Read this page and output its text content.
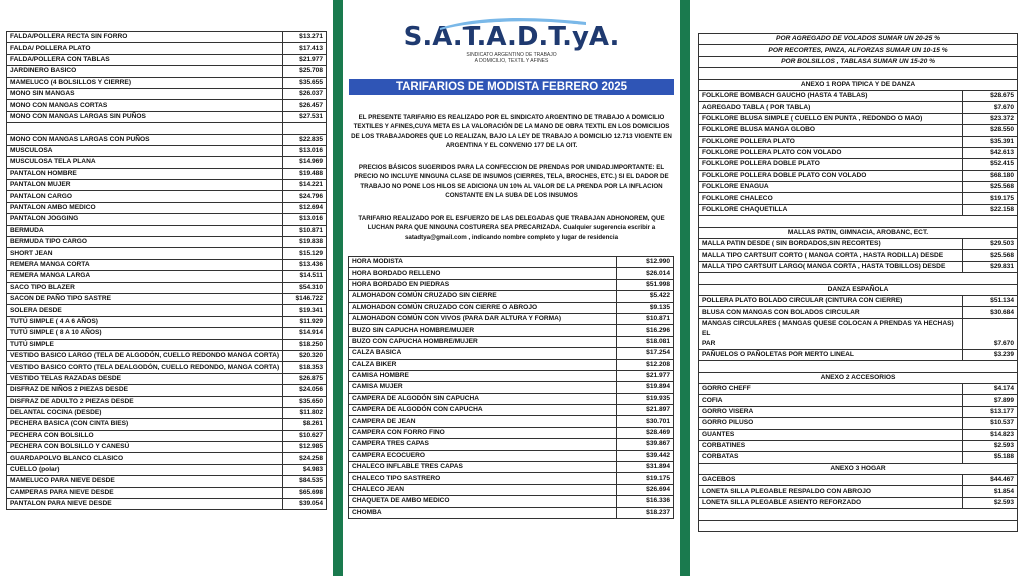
FALDA/POLLERA RECTA SIN FORRO	$13.271
FALDA/ POLLERA PLATO	$17.413
FALDA/POLLERA CON TABLAS	$21.977
JARDINERO BASICO	$25.708
MAMELUCO (4 BOLSILLOS Y CIERRE)	$35.655
MONO SIN MANGAS	$26.037
MONO CON MANGAS CORTAS	$26.457
MONO CON MANGAS LARGAS SIN PUÑOS	$27.531

MONO CON MANGAS LARGAS CON PUÑOS	$22.835
MUSCULOSA	$13.016
MUSCULOSA TELA PLANA	$14.969
PANTALON HOMBRE	$19.488
PANTALON MUJER	$14.221
PANTALON CARGO	$24.796
PANTALON AMBO MEDICO	$12.694
PANTALON JOGGING	$13.016
BERMUDA	$10.871
BERMUDA TIPO CARGO	$19.838
SHORT JEAN	$15.129
REMERA MANGA CORTA	$13.436
REMERA MANGA LARGA	$14.511
SACO TIPO BLAZER	$54.310
SACON DE PAÑO TIPO SASTRE	$146.722
SOLERA DESDE	$19.341
TUTÚ SIMPLE ( 4 A 6 AÑOS)	$11.929
TUTÚ SIMPLE ( 8 A 10 AÑOS)	$14.914
TUTÚ SIMPLE	$18.250
VESTIDO BASICO LARGO (TELA DE ALGODÓN, CUELLO REDONDO MANGA CORTA)	$20.320
VESTIDO BASICO CORTO (TELA DEALGODÓN, CUELLO REDONDO, MANGA CORTA)	$18.353
VESTIDO TELAS RAZADAS DESDE	$26.875
DISFRAZ DE NIÑOS 2 PIEZAS DESDE	$24.056
DISFRAZ DE ADULTO 2 PIEZAS DESDE	$35.650
DELANTAL COCINA (DESDE)	$11.802
PECHERA BASICA (CON CINTA BIES)	$8.261
PECHERA CON BOLSILLO	$10.627
PECHERA CON BOLSILLO Y CANESÚ	$12.985
GUARDAPOLVO BLANCO CLASICO	$24.258
CUELLO (polar)	$4.983
MAMELUCO PARA NIEVE DESDE	$84.535
CAMPERAS PARA NIEVE DESDE	$65.698
PANTALON PARA NIEVE DESDE	$39.054
S.A.T.A.D.T.yA.
SINDICATO ARGENTINO DE TRABAJO
A DOMICILIO, TEXTIL Y AFINES
TARIFARIOS DE MODISTA FEBRERO 2025
EL PRESENTE TARIFARIO ES REALIZADO POR EL SINDICATO ARGENTINO DE TRABAJO A DOMICILIO TEXTILES Y AFINES,CUYA META ES LA VALORACIÓN DE LA MANO DE OBRA TEXTIL EN LOS DOMICILIOS DE LOS TRABAJADORES QUE LO REALIZAN, BAJO LA LEY DE TRABAJO A DOMICILIO 12.713 VIGENTE EN ARGENTINA Y EL CONVENIO 177 DE LA OIT.
PRECIOS BÁSICOS SUGERIDOS PARA LA CONFECCION DE PRENDAS POR UNIDAD.IMPORTANTE: EL PRECIO NO INCLUYE NINGUNA CLASE DE INSUMOS (CIERRES, TELA, BROCHES, ETC.) SI EL DADOR DE TRABAJO NO PONE LOS HILOS SE ADICIONA UN 10% AL VALOR DE LA PRENDA POR LA INFLACION CONSTANTE EN LA SUBA DE LOS INSUMOS
TARIFARIO REALIZADO POR EL ESFUERZO DE LAS DELEGADAS QUE TRABAJAN ADHONOREM, QUE LUCHAN PARA QUE NINGUNA COSTURERA SEA PRECARIZADA. Cualquier sugerencia escribir a satadtya@gmail.com , indicando nombre completo y lugar de residencia
HORA MODISTA	$12.990
HORA BORDADO RELLENO	$26.014
HORA BORDADO EN PIEDRAS	$51.998
ALMOHADON COMÚN CRUZADO SIN CIERRE	$5.422
ALMOHADON COMÚN CRUZADO CON CIERRE O ABROJO	$9.135
ALMOHADON COMÚN CON VIVOS (PARA DAR ALTURA Y FORMA)	$10.871
BUZO SIN CAPUCHA HOMBRE/MUJER	$16.296
BUZO CON CAPUCHA HOMBRE/MUJER	$18.081
CALZA BASICA	$17.254
CALZA BIKER	$12.208
CAMISA HOMBRE	$21.977
CAMISA MUJER	$19.894
CAMPERA DE ALGODÓN SIN CAPUCHA	$19.935
CAMPERA DE ALGODÓN CON CAPUCHA	$21.897
CAMPERA DE JEAN	$30.701
CAMPERA CON FORRO FINO	$28.469
CAMPERA TRES CAPAS	$39.867
CAMPERA ECOCUERO	$39.442
CHALECO INFLABLE TRES CAPAS	$31.894
CHALECO TIPO SASTRERO	$19.175
CHALECO JEAN	$26.694
CHAQUETA DE AMBO MEDICO	$16.336
CHOMBA	$18.237
POR AGREGADO DE VOLADOS SUMAR UN 20-25 %	
POR RECORTES, PINZA, ALFORZAS SUMAR UN 10-15 %	
POR BOLSILLOS , TABLASA SUMAR UN 15-20 %	

ANEXO 1 ROPA TIPICA Y DE DANZA	
FOLKLORE BOMBACH GAUCHO (HASTA 4 TABLAS)	$28.675
AGREGADO TABLA ( POR TABLA)	$7.670
FOLKLORE BLUSA SIMPLE ( CUELLO EN PUNTA , REDONDO O MAO)	$23.372
FOLKLORE BLUSA MANGA GLOBO	$28.550
FOLKLORE POLLERA PLATO	$35.391
FOLKLORE POLLERA PLATO CON VOLADO	$42.613
FOLKLORE POLLERA DOBLE PLATO	$52.415
FOLKLORE POLLERA DOBLE PLATO CON VOLADO	$68.180
FOLKLORE ENAGUA	$25.568
FOLKLORE CHALECO	$19.175
FOLKLORE CHAQUETILLA	$22.158

MALLAS PATIN, GIMNACIA, AROBANC, ECT.	
MALLA PATIN DESDE ( SIN BORDADOS,SIN RECORTES)	$29.503
MALLA TIPO CARTSUIT CORTO ( MANGA CORTA , HASTA RODILLA) DESDE	$25.568
MALLA TIPO CARTSUIT LARGO( MANGA CORTA , HASTA TOBILLOS) DESDE	$29.831

DANZA ESPAÑOLA	
POLLERA PLATO BOLADO CIRCULAR (CINTURA CON CIERRE)	$51.134
BLUSA CON MANGAS CON BOLADOS CIRCULAR	$30.684

MANGAS CIRCULARES ( MANGAS QUESE COLOCAN A PRENDAS YA HECHAS) EL
PAR	$7.670
PAÑUELOS O PAÑOLETAS POR MERTO LINEAL	$3.239

ANEXO 2 ACCESORIOS	
GORRO CHEFF	$4.174
COFIA	$7.899
GORRO VISERA	$13.177
GORRO PILUSO	$10.537
GUANTES	$14.823
CORBATINES	$2.593
CORBATAS	$5.188
ANEXO 3 HOGAR	
GACEBOS	$44.467
LONETA SILLA PLEGABLE RESPALDO CON ABROJO	$1.854
LONETA SILLA PLEGABLE ASIENTO REFORZADO	$2.593
